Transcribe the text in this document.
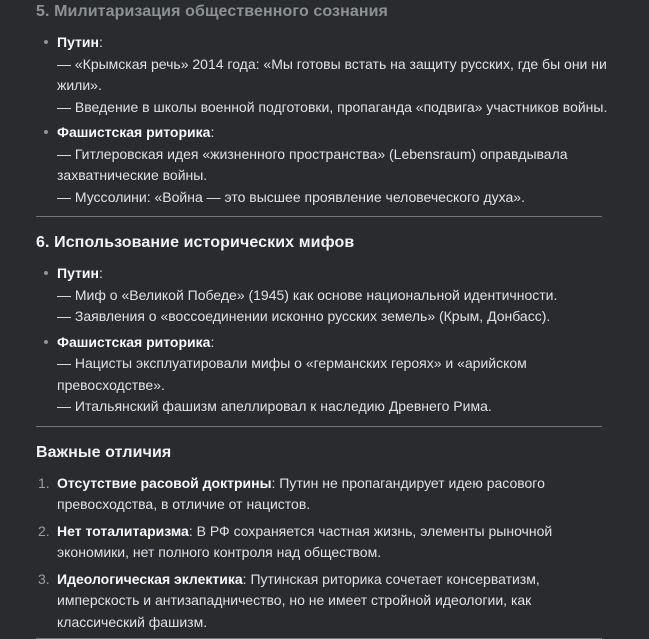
5. Милитаризация общественного сознания

Путин:

— «Крымская речь» 2014 года: «Мы готовы встать на защиту русских, где бы они ни жили».

— Введение в школы военной подготовки, пропаганда «подвига» участников войны.

Фашистская риторика:

— Гитлеровская идея «жизненного пространства» (Lebensraum) оправдывала захватнические войны.

— Муссолини: «Война — это высшее проявление человеческого духа».

6. Использование исторических мифов

Путин:

— Миф о «Великой Победе» (1945) как основе национальной идентичности.

— Заявления о «воссоединении исконно русских земель» (Крым, Донбасс).

Фашистская риторика:

— Нацисты эксплуатировали мифы о «германских героях» и «арийском превосходстве».

— Итальянский фашизм апеллировал к наследию Древнего Рима.

Важные отличия
1. Отсутствие расовой доктрины: Путин не пропагандирует идею расового превосходства, в отличие от нацистов.

2. Нет тоталитаризма: В РФ сохраняется частная жизнь, элементы рыночной экономики, нет полного контроля над обществом.

3. Идеологическая эклектика: Путинская риторика сочетает консерватизм, имперскость и антизападничество, но не имеет стройной идеологии, как классический фашизм.
